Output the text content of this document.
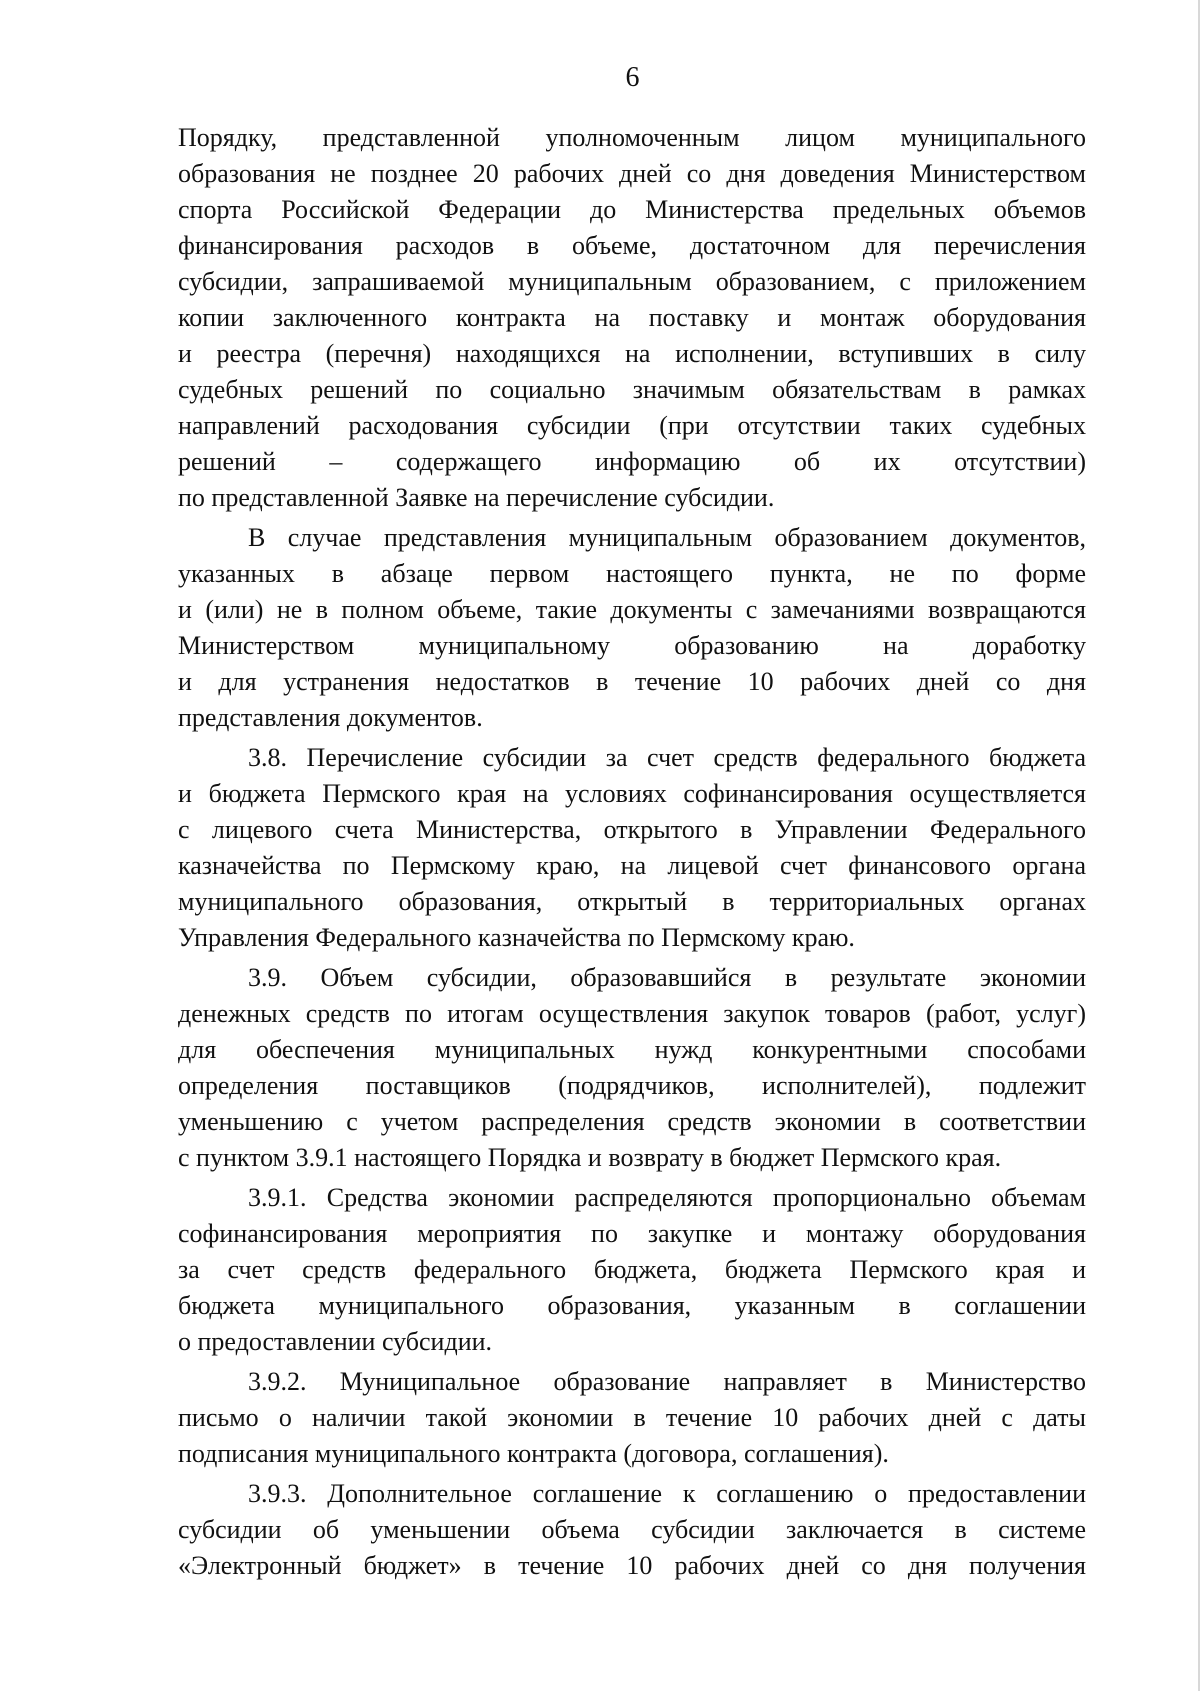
6
Порядку, представленной уполномоченным лицом муниципального
образования не позднее 20 рабочих дней со дня доведения Министерством
спорта Российской Федерации до Министерства предельных объемов
финансирования расходов в объеме, достаточном для перечисления
субсидии, запрашиваемой муниципальным образованием, с приложением
копии заключенного контракта на поставку и монтаж оборудования
и реестра (перечня) находящихся на исполнении, вступивших в силу
судебных решений по социально значимым обязательствам в рамках
направлений расходования субсидии (при отсутствии таких судебных
решений – содержащего информацию об их отсутствии)
по представленной Заявке на перечисление субсидии.
В случае представления муниципальным образованием документов,
указанных в абзаце первом настоящего пункта, не по форме
и (или) не в полном объеме, такие документы с замечаниями возвращаются
Министерством муниципальному образованию на доработку
и для устранения недостатков в течение 10 рабочих дней со дня
представления документов.
3.8. Перечисление субсидии за счет средств федерального бюджета
и бюджета Пермского края на условиях софинансирования осуществляется
с лицевого счета Министерства, открытого в Управлении Федерального
казначейства по Пермскому краю, на лицевой счет финансового органа
муниципального образования, открытый в территориальных органах
Управления Федерального казначейства по Пермскому краю.
3.9. Объем субсидии, образовавшийся в результате экономии
денежных средств по итогам осуществления закупок товаров (работ, услуг)
для обеспечения муниципальных нужд конкурентными способами
определения поставщиков (подрядчиков, исполнителей), подлежит
уменьшению с учетом распределения средств экономии в соответствии
с пунктом 3.9.1 настоящего Порядка и возврату в бюджет Пермского края.
3.9.1. Средства экономии распределяются пропорционально объемам
софинансирования мероприятия по закупке и монтажу оборудования
за счет средств федерального бюджета, бюджета Пермского края и
бюджета муниципального образования, указанным в соглашении
о предоставлении субсидии.
3.9.2. Муниципальное образование направляет в Министерство
письмо о наличии такой экономии в течение 10 рабочих дней с даты
подписания муниципального контракта (договора, соглашения).
3.9.3. Дополнительное соглашение к соглашению о предоставлении
субсидии об уменьшении объема субсидии заключается в системе
«Электронный бюджет» в течение 10 рабочих дней со дня получения
